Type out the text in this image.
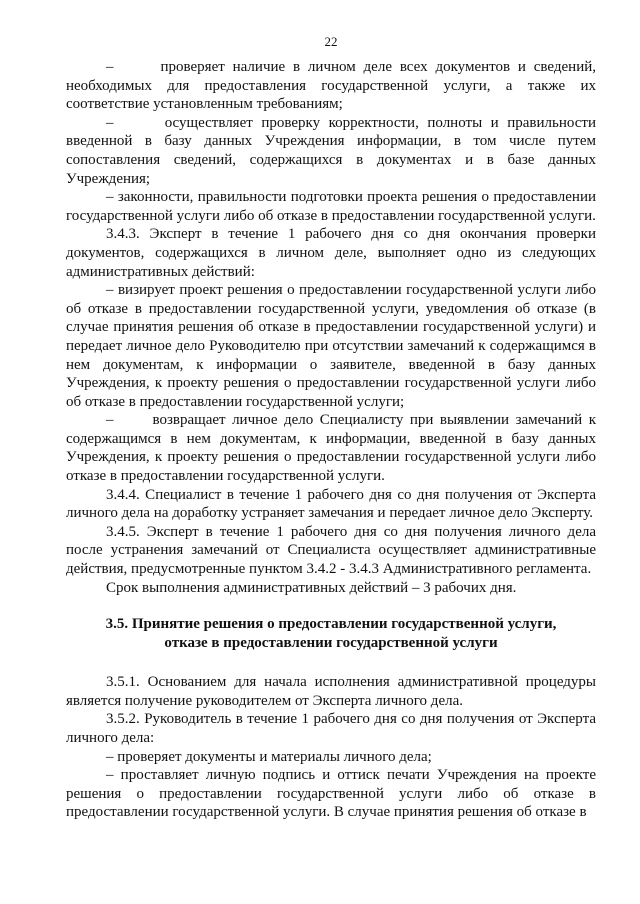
22

–      проверяет наличие в личном деле всех документов и сведений, необходимых для предоставления государственной услуги, а также их соответствие установленным требованиям;

–      осуществляет проверку корректности, полноты и правильности введенной в базу данных Учреждения информации, в том числе путем сопоставления сведений, содержащихся в документах и в базе данных Учреждения;

– законности, правильности подготовки проекта решения о предоставлении государственной услуги либо об отказе в предоставлении государственной услуги.

3.4.3. Эксперт в течение 1 рабочего дня со дня окончания проверки документов, содержащихся в личном деле, выполняет одно из следующих административных действий:

– визирует проект решения о предоставлении государственной услуги либо об отказе в предоставлении государственной услуги, уведомления об отказе (в случае принятия решения об отказе в предоставлении государственной услуги) и передает личное дело Руководителю при отсутствии замечаний к содержащимся в нем документам, к информации о заявителе, введенной в базу данных Учреждения, к проекту решения о предоставлении государственной услуги либо об отказе в предоставлении государственной услуги;

–      возвращает личное дело Специалисту при выявлении замечаний к содержащимся в нем документам, к информации, введенной в базу данных Учреждения, к проекту решения о предоставлении государственной услуги либо отказе в предоставлении государственной услуги.

3.4.4. Специалист в течение 1 рабочего дня со дня получения от Эксперта личного дела на доработку устраняет замечания и передает личное дело Эксперту.

3.4.5. Эксперт в течение 1 рабочего дня со дня получения личного дела после устранения замечаний от Специалиста осуществляет административные действия, предусмотренные пунктом 3.4.2 - 3.4.3 Административного регламента.

Срок выполнения административных действий – 3 рабочих дня.

3.5. Принятие решения о предоставлении государственной услуги,
отказе в предоставлении государственной услуги

3.5.1. Основанием для начала исполнения административной процедуры является получение руководителем от Эксперта личного дела.

3.5.2. Руководитель в течение 1 рабочего дня со дня получения от Эксперта личного дела:

– проверяет документы и материалы личного дела;

– проставляет личную подпись и оттиск печати Учреждения на проекте решения о предоставлении государственной услуги либо об отказе в предоставлении государственной услуги. В случае принятия решения об отказе в
